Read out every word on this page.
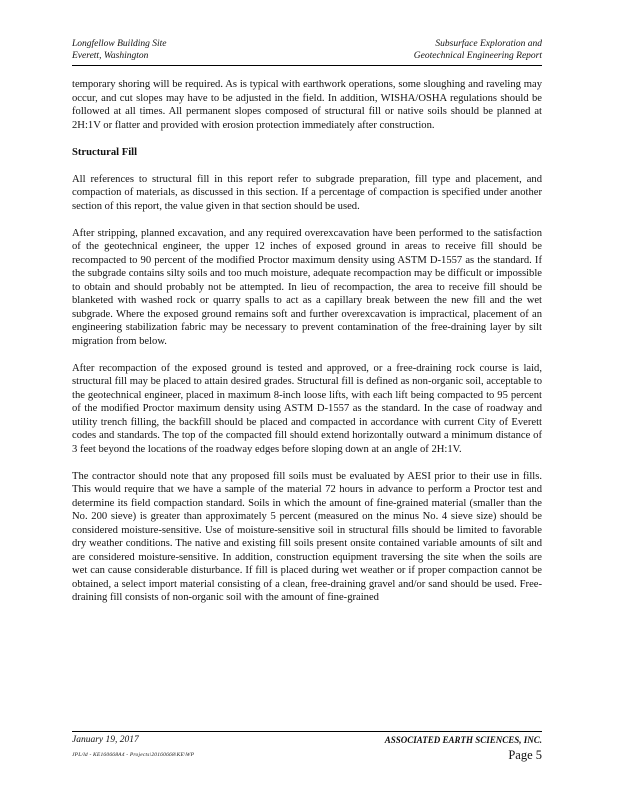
Longfellow Building Site
Everett, Washington
Subsurface Exploration and
Geotechnical Engineering Report

temporary shoring will be required. As is typical with earthwork operations, some sloughing and raveling may occur, and cut slopes may have to be adjusted in the field. In addition, WISHA/OSHA regulations should be followed at all times. All permanent slopes composed of structural fill or native soils should be planned at 2H:1V or flatter and provided with erosion protection immediately after construction.

Structural Fill

All references to structural fill in this report refer to subgrade preparation, fill type and placement, and compaction of materials, as discussed in this section. If a percentage of compaction is specified under another section of this report, the value given in that section should be used.

After stripping, planned excavation, and any required overexcavation have been performed to the satisfaction of the geotechnical engineer, the upper 12 inches of exposed ground in areas to receive fill should be recompacted to 90 percent of the modified Proctor maximum density using ASTM D-1557 as the standard. If the subgrade contains silty soils and too much moisture, adequate recompaction may be difficult or impossible to obtain and should probably not be attempted. In lieu of recompaction, the area to receive fill should be blanketed with washed rock or quarry spalls to act as a capillary break between the new fill and the wet subgrade. Where the exposed ground remains soft and further overexcavation is impractical, placement of an engineering stabilization fabric may be necessary to prevent contamination of the free-draining layer by silt migration from below.

After recompaction of the exposed ground is tested and approved, or a free-draining rock course is laid, structural fill may be placed to attain desired grades. Structural fill is defined as non-organic soil, acceptable to the geotechnical engineer, placed in maximum 8-inch loose lifts, with each lift being compacted to 95 percent of the modified Proctor maximum density using ASTM D-1557 as the standard. In the case of roadway and utility trench filling, the backfill should be placed and compacted in accordance with current City of Everett codes and standards. The top of the compacted fill should extend horizontally outward a minimum distance of 3 feet beyond the locations of the roadway edges before sloping down at an angle of 2H:1V.

The contractor should note that any proposed fill soils must be evaluated by AESI prior to their use in fills. This would require that we have a sample of the material 72 hours in advance to perform a Proctor test and determine its field compaction standard. Soils in which the amount of fine-grained material (smaller than the No. 200 sieve) is greater than approximately 5 percent (measured on the minus No. 4 sieve size) should be considered moisture-sensitive. Use of moisture-sensitive soil in structural fills should be limited to favorable dry weather conditions. The native and existing fill soils present onsite contained variable amounts of silt and are considered moisture-sensitive. In addition, construction equipment traversing the site when the soils are wet can cause considerable disturbance. If fill is placed during wet weather or if proper compaction cannot be obtained, a select import material consisting of a clean, free-draining gravel and/or sand should be used. Free-draining fill consists of non-organic soil with the amount of fine-grained

January 19, 2017	ASSOCIATED EARTH SCIENCES, INC.
JPL/ld - KE160668A4 - Projects\20160668\KE\WP	Page 5
